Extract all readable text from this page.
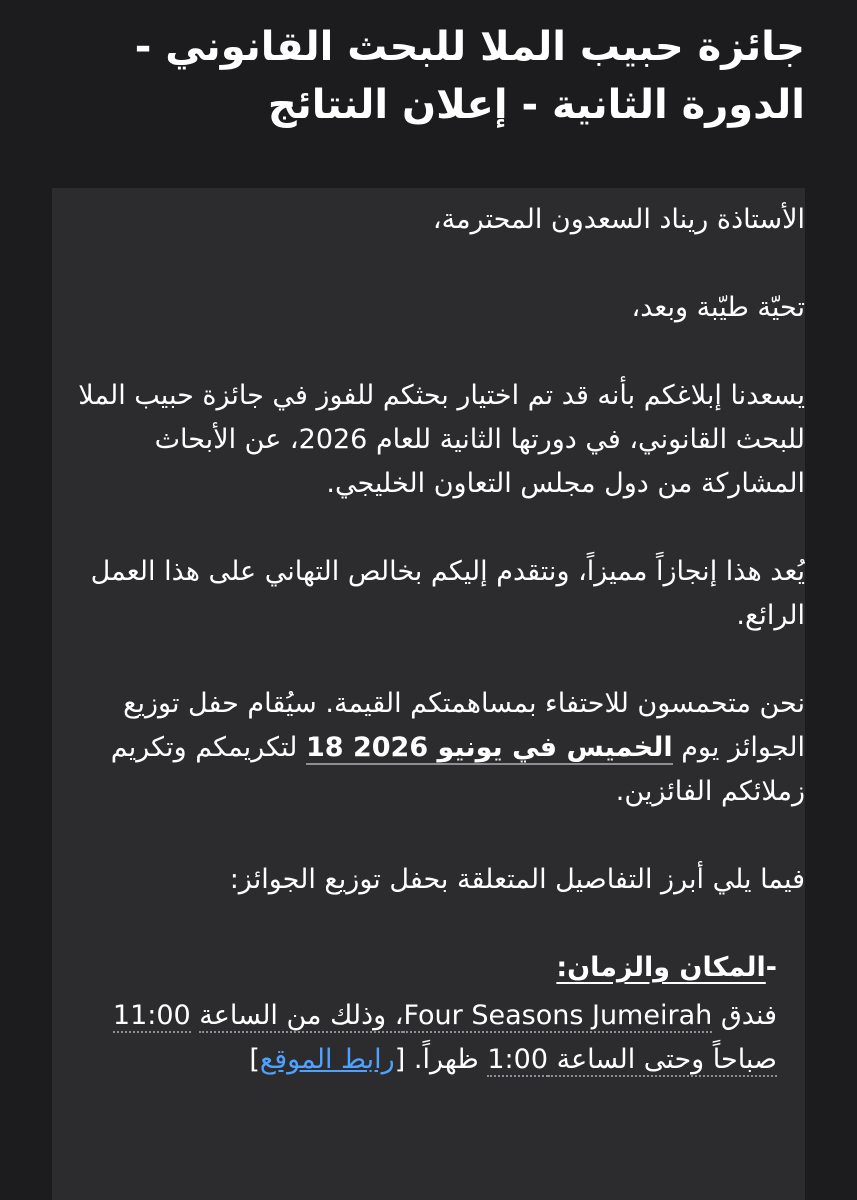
جائزة حبيب الملا للبحث القانوني - الدورة الثانية - إعلان النتائج

الأستاذة ريناد السعدون المحترمة،

تحيّة طيّبة وبعد،

يسعدنا إبلاغكم بأنه قد تم اختيار بحثكم للفوز في جائزة حبيب الملا للبحث القانوني، في دورتها الثانية للعام 2026، عن الأبحاث المشاركة من دول مجلس التعاون الخليجي.

يُعد هذا إنجازاً مميزاً، ونتقدم إليكم بخالص التهاني على هذا العمل الرائع.

نحن متحمسون للاحتفاء بمساهمتكم القيمة. سيُقام حفل توزيع الجوائز يوم الخميس في يونيو 2026 18 لتكريمكم وتكريم زملائكم الفائزين.

فيما يلي أبرز التفاصيل المتعلقة بحفل توزيع الجوائز:

-المكان والزمان:

فندق Four Seasons Jumeirah، وذلك من الساعة 11:00 صباحاً وحتى الساعة 1:00 ظهراً. [رابط الموقع]
